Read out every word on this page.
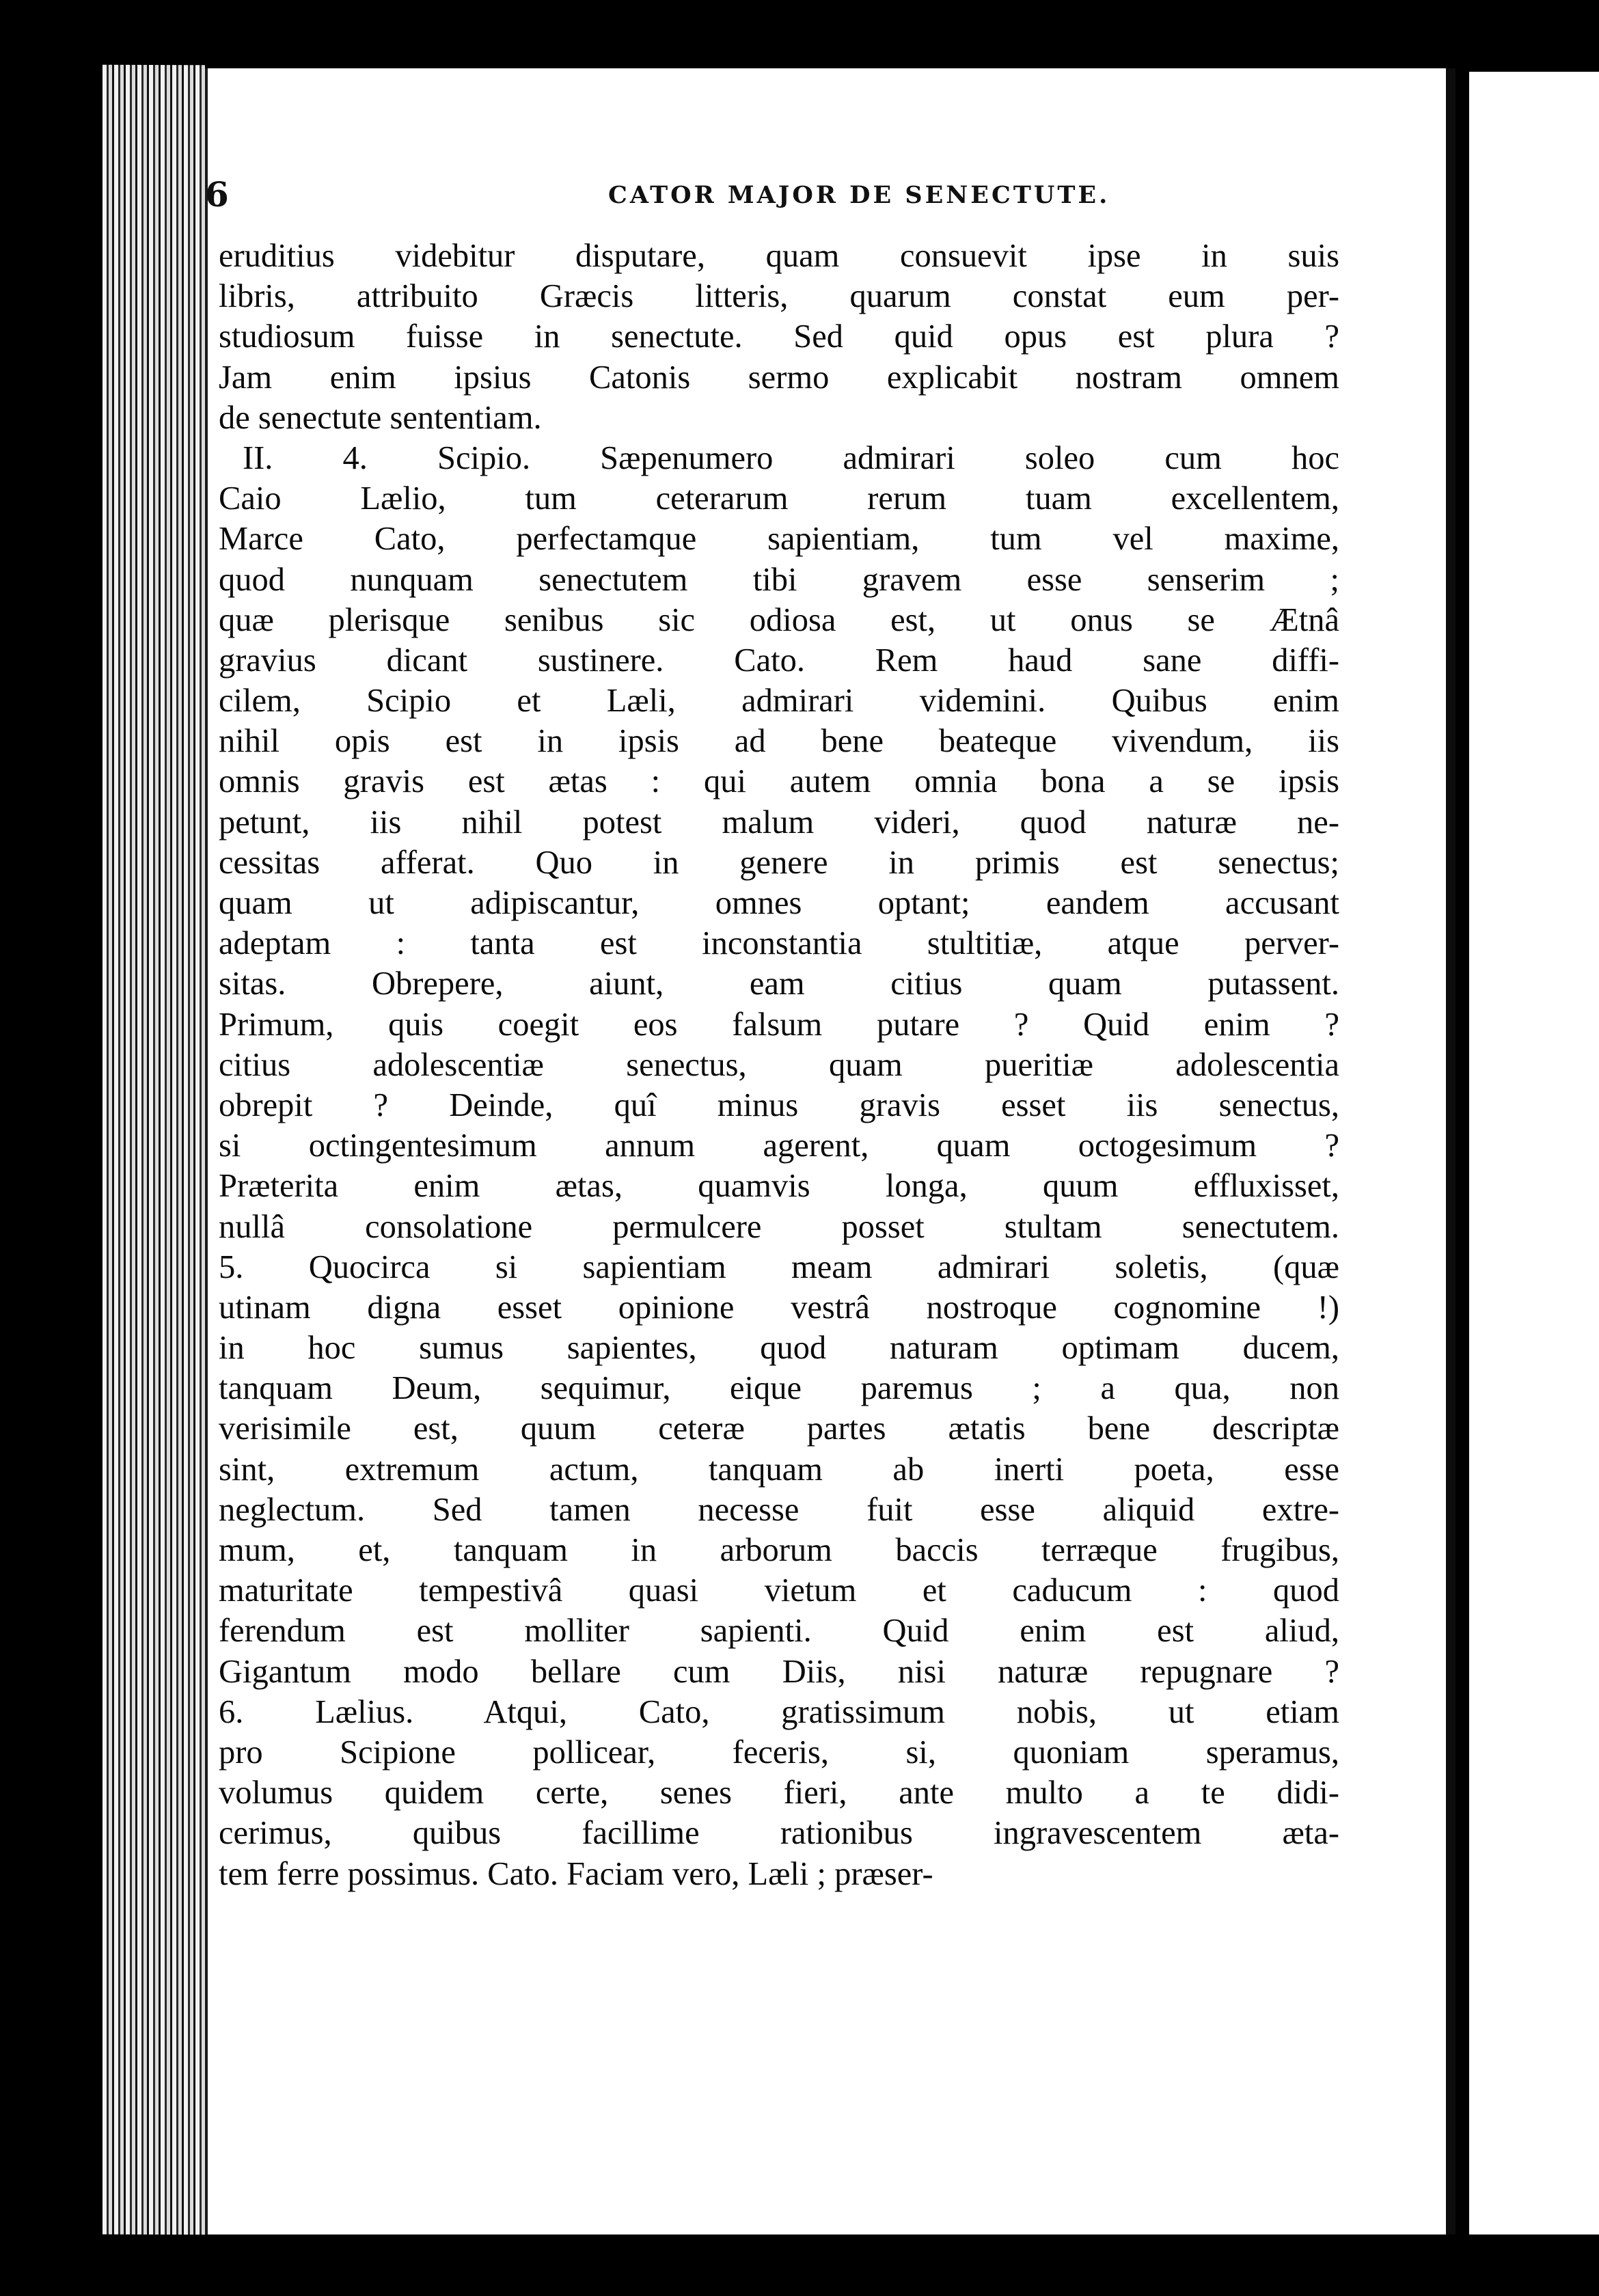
6	CATOR MAJOR DE SENECTUTE.
eruditius videbitur disputare, quam consuevit ipse in suis
libris, attribuito Græcis litteris, quarum constat eum per-
studiosum fuisse in senectute. Sed quid opus est plura ?
Jam enim ipsius Catonis sermo explicabit nostram omnem
de senectute sententiam.
II. 4. Scipio. Sæpenumero admirari soleo cum hoc
Caio Lælio, tum ceterarum rerum tuam excellentem,
Marce Cato, perfectamque sapientiam, tum vel maxime,
quod nunquam senectutem tibi gravem esse senserim ;
quæ plerisque senibus sic odiosa est, ut onus se Ætnâ
gravius dicant sustinere. Cato. Rem haud sane diffi-
cilem, Scipio et Læli, admirari videmini. Quibus enim
nihil opis est in ipsis ad bene beateque vivendum, iis
omnis gravis est ætas : qui autem omnia bona a se ipsis
petunt, iis nihil potest malum videri, quod naturæ ne-
cessitas afferat. Quo in genere in primis est senectus;
quam ut adipiscantur, omnes optant; eandem accusant
adeptam : tanta est inconstantia stultitiæ, atque perver-
sitas. Obrepere, aiunt, eam citius quam putassent.
Primum, quis coegit eos falsum putare ? Quid enim ?
citius adolescentiæ senectus, quam pueritiæ adolescentia
obrepit ? Deinde, quî minus gravis esset iis senectus,
si octingentesimum annum agerent, quam octogesimum ?
Præterita enim ætas, quamvis longa, quum effluxisset,
nullâ consolatione permulcere posset stultam senectutem.
5. Quocirca si sapientiam meam admirari soletis, (quæ
utinam digna esset opinione vestrâ nostroque cognomine !)
in hoc sumus sapientes, quod naturam optimam ducem,
tanquam Deum, sequimur, eique paremus ; a qua, non
verisimile est, quum ceteræ partes ætatis bene descriptæ
sint, extremum actum, tanquam ab inerti poeta, esse
neglectum. Sed tamen necesse fuit esse aliquid extre-
mum, et, tanquam in arborum baccis terræque frugibus,
maturitate tempestivâ quasi vietum et caducum : quod
ferendum est molliter sapienti. Quid enim est aliud,
Gigantum modo bellare cum Diis, nisi naturæ repugnare ?
6. Lælius. Atqui, Cato, gratissimum nobis, ut etiam
pro Scipione pollicear, feceris, si, quoniam speramus,
volumus quidem certe, senes fieri, ante multo a te didi-
cerimus, quibus facillime rationibus ingravescentem æta-
tem ferre possimus. Cato. Faciam vero, Læli ; præser-
